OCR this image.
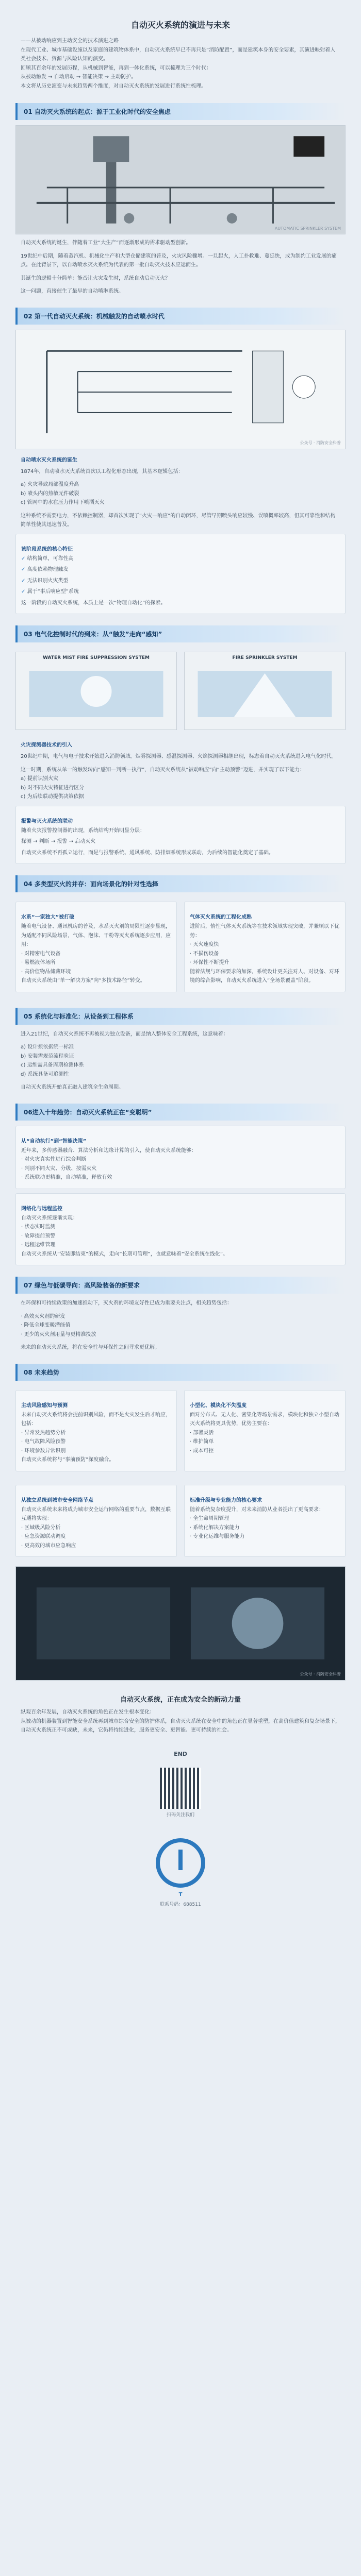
自动灭火系统的演进与未来
——从被动响应到主动安全的技术演进之路
在现代工业、城市基础设施以及家庭的建筑物体系中，自动灭火系统早已不再只是“消防配置”，而是建筑本身的安全要素，其演进映射着人类社会技术、资源与风险认知的演变。
回顾其百余年的发展历程，从机械到智能，再到一体化系统，可以梳理为三个时代：
从被动触发 → 自动启动 → 智能决策 → 主动防护。
本文将从历史演变与未来趋势两个维度，对自动灭火系统的发展进行系统性梳理。
01 自动灭火系统的起点：源于工业化时代的安全焦虑
AUTOMATIC SPRINKLER SYSTEM
自动灭火系统的诞生，伴随着工业“大生产”而逐渐形成的需求驱动型创新。
19世纪中后期，随着蒸汽机、机械化生产和大型仓储建筑的普及，火灾风险骤增。一旦起火，人工扑救难、蔓延快，成为制约工业发展的痛点。在此背景下，以自动喷水灭火系统为代表的第一批自动灭火技术应运而生。
其诞生的逻辑十分简单：能否让火灾发生时，系统自动启动灭火？
这一问题，直接催生了最早的自动喷淋系统。
02 第一代自动灭火系统：机械触发的自动喷水时代
公众号 · 消防安全科普
自动喷水灭火系统的诞生
1874年，自动喷水灭火系统首次以工程化形态出现，其基本逻辑包括：
a) 火灾导致局部温度升高
b) 喷头内的热敏元件破裂
c) 管网中的水在压力作用下喷洒灭火
这种系统不需要电力，不依赖控制器，却首次实现了“火灾—响应”的自动闭环，尽管早期喷头响应较慢、误喷概率较高，但其可靠性和结构简单性使其迅速普及。
该阶段系统的核心特征
✓ 结构简单，可靠性高
✓ 高度依赖物理触发
✓ 无法识别火灾类型
✓ 属于“事后响应型”系统
这一阶段的自动灭火系统，本质上是一次“物理自动化”的探索。
03 电气化控制时代的到来：从“触发”走向“感知”
WATER MIST FIRE SUPPRESSION SYSTEM	FIRE SPRINKLER SYSTEM
火灾探测器技术的引入
20世纪中期，电气与电子技术开始进入消防领域。烟雾探测器、感温探测器、火焰探测器相继出现，标志着自动灭火系统进入电气化时代。
这一时期，系统从单一的触发转向“感知—判断—执行”，自动灭火系统从“被动响应”向“主动预警”迈进，并实现了以下能力：
a) 提前识别火灾
b) 对不同火灾特征进行区分
c) 为后续联动提供决策依据
报警与灭火系统的联动
随着火灾报警控制器的出现，系统结构开始明显分层：
探测 → 判断 → 报警 → 启动灭火
自动灭火系统不再孤立运行，而是与报警系统、通风系统、防排烟系统形成联动，为后续的智能化奠定了基础。
04 多类型灭火的并存：面向场景化的针对性选择
水系“一家独大”被打破
随着电气设备、通讯机房的普及，水系灭火剂的局限性逐步显现，为适配不同风险场景，气体、泡沫、干粉等灭火系统逐步应用，应用：
· 对精密电气设备
· 易燃液体场所
· 高价值物品储藏环境
自动灭火系统由“单一解决方案”向“多技术路径”转变。
气体灭火系统的工程化成熟
进阶后，惰性气体灭火系统等在技术领域实现突破，并兼顾以下优势：
· 灭火速度快
· 不损伤设备
· 环保性不断提升
随着法规与环保要求的加深，系统设计更关注对人、对设备、对环境的综合影响，自动灭火系统进入“全场景覆盖”阶段。
05 系统化与标准化：从设备到工程体系
进入21世纪，自动灭火系统不再被视为独立设备，而是纳入整体安全工程系统，这意味着：
a) 设计须依据统一标准
b) 安装需规范流程验证
c) 运维需具备周期检测体系
d) 系统具备可追溯性
自动灭火系统开始真正融入建筑全生命周期。
06进入十年趋势：自动灭火系统正在“变聪明”
从“自动执行”到“智能决策”
近年来，多传感器融合、算法分析和边缘计算的引入，使自动灭火系统能够：
· 对火灾真实性进行综合判断
· 判别不同火灾、分级、按需灭火
· 系统联动更精准，自动精准，释放有效
网络化与远程监控
自动灭火系统逐渐实现：
· 状态实时监测
· 故障提前预警
· 远程运维管理
自动灭火系统从“安装即结束”的模式，走向“长期可管理”，也就意味着“安全系统在线化”。
07 绿色与低碳导向：高风险装备的新要求
在环保和可持续政策的加速推动下，灭火剂的环境友好性已成为重要关注点，相关趋势包括：
· 高效灭火剂的研发
· 降低全球变暖潜能值
· 更少的灭火剂用量与更精准投放
未来的自动灭火系统，将在安全性与环保性之间寻求更优解。
08 未来趋势
主动风险感知与预测
未来自动灭火系统将会提前识别风险，而不是火灾发生后才响应，包括：
· 异常发热趋势分析
· 电气故障风险预警
· 环境参数异常识别
自动灭火系统将与“事前预防”深度融合。
小型化、模块化不失温度
面对分布式、无人化、密集化等场景需求，模块化和独立小型自动灭火系统将更具优势，优势主要在：
· 部署灵活
· 维护简单
· 成本可控
从独立系统到城市安全网络节点
自动灭火系统未来将成为城市安全运行网络的重要节点，数据互联互通将实现：
· 区域级风险分析
· 应急资源联动调度
· 更高效的城市应急响应
标准升级与专业能力的核心要求
随着系统复杂度提升，对未来消防从业者提出了更高要求：
· 全生命周期管理
· 系统化解决方案能力
· 专业化运维与服务能力
公众号 · 消防安全科普
自动灭火系统，正在成为安全的新动力量
纵观百余年发展，自动灭火系统的角色正在发生根本变化：
从被动的机器装置到智能安全系统再到城市综合安全的防护体系，自动灭火系统在安全中的角色正在显著重塑，在高价值建筑和复杂场景下，自动灭火系统正不可或缺，未来，它仍将持续进化，服务更安全、更智能、更可持续的社会。
END
扫码关注我们
T
联系号码：688511
